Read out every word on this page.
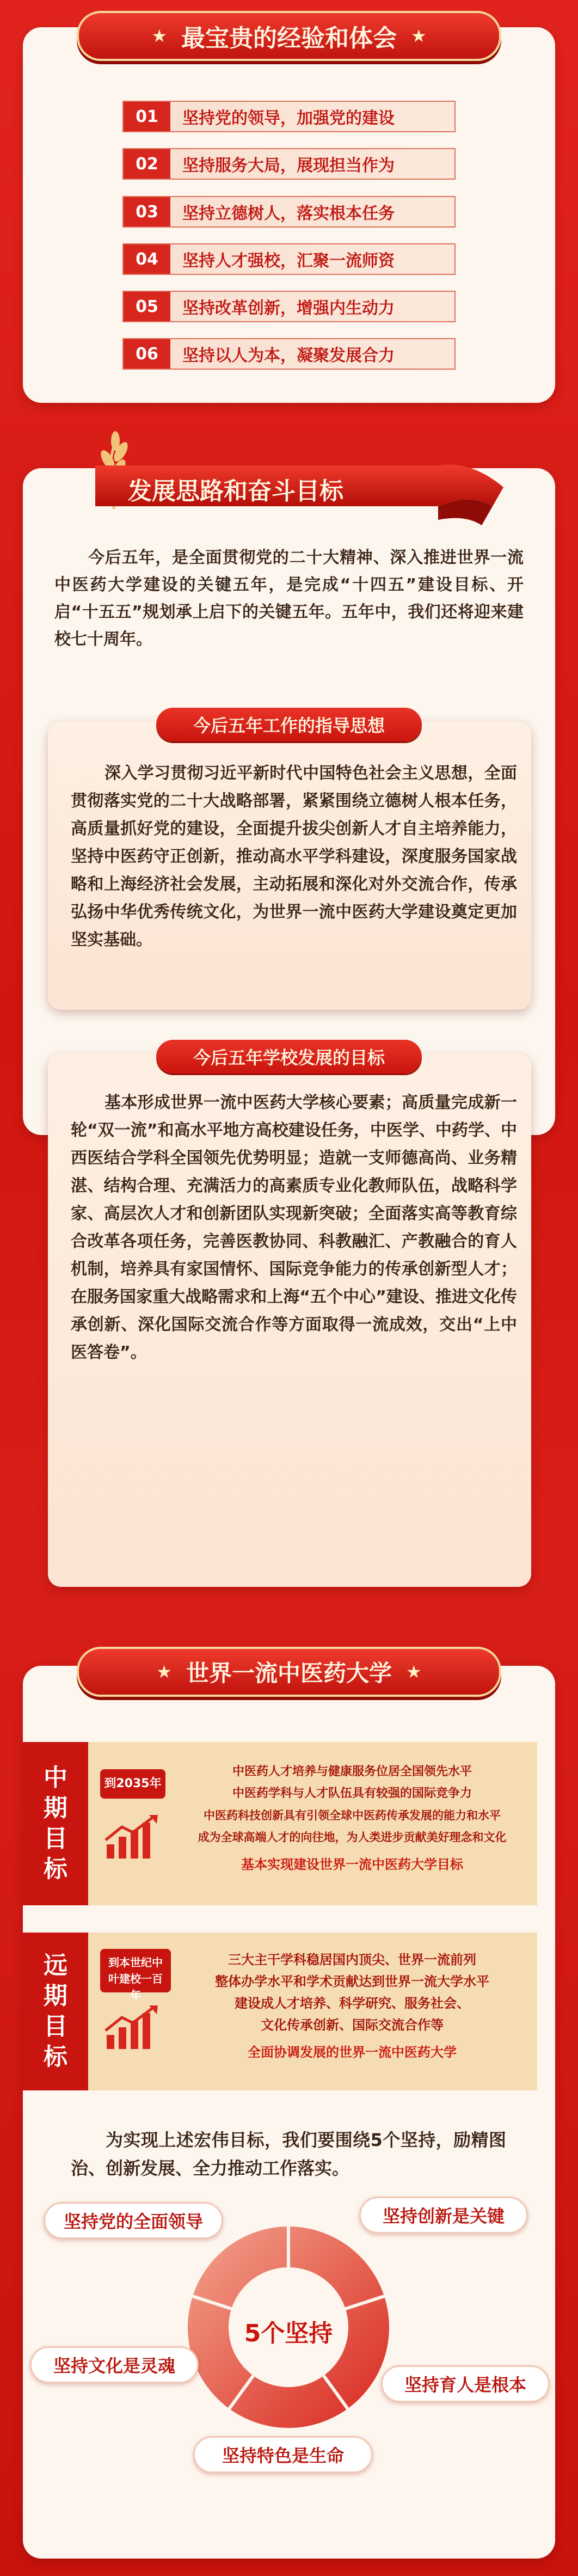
★ 最宝贵的经验和体会 ★
01	坚持党的领导，加强党的建设
02	坚持服务大局，展现担当作为
03	坚持立德树人，落实根本任务
04	坚持人才强校，汇聚一流师资
05	坚持改革创新，增强内生动力
06	坚持以人为本，凝聚发展合力
发展思路和奋斗目标

今后五年，是全面贯彻党的二十大精神、深入推进世界一流中医药大学建设的关键五年，是完成“十四五”建设目标、开启“十五五”规划承上启下的关键五年。五年中，我们还将迎来建校七十周年。

今后五年工作的指导思想

深入学习贯彻习近平新时代中国特色社会主义思想，全面贯彻落实党的二十大战略部署，紧紧围绕立德树人根本任务，高质量抓好党的建设，全面提升拔尖创新人才自主培养能力，坚持中医药守正创新，推动高水平学科建设，深度服务国家战略和上海经济社会发展，主动拓展和深化对外交流合作，传承弘扬中华优秀传统文化，为世界一流中医药大学建设奠定更加坚实基础。

今后五年学校发展的目标

基本形成世界一流中医药大学核心要素；高质量完成新一轮“双一流”和高水平地方高校建设任务，中医学、中药学、中西医结合学科全国领先优势明显；造就一支师德高尚、业务精湛、结构合理、充满活力的高素质专业化教师队伍，战略科学家、高层次人才和创新团队实现新突破；全面落实高等教育综合改革各项任务，完善医教协同、科教融汇、产教融合的育人机制，培养具有家国情怀、国际竞争能力的传承创新型人才；在服务国家重大战略需求和上海“五个中心”建设、推进文化传承创新、深化国际交流合作等方面取得一流成效，交出“上中医答卷”。

★ 世界一流中医药大学 ★
中
期
目
标
到2035年
中医药人才培养与健康服务位居全国领先水平
中医药学科与人才队伍具有较强的国际竞争力
中医药科技创新具有引领全球中医药传承发展的能力和水平
成为全球高端人才的向往地，为人类进步贡献美好理念和文化
基本实现建设世界一流中医药大学目标
远
期
目
标
到本世纪中叶建校一百年
三大主干学科稳居国内顶尖、世界一流前列
整体办学水平和学术贡献达到世界一流大学水平
建设成人才培养、科学研究、服务社会、
文化传承创新、国际交流合作等
全面协调发展的世界一流中医药大学

为实现上述宏伟目标，我们要围绕5个坚持，励精图治、创新发展、全力推动工作落实。

5个坚持
坚持党的全面领导	坚持创新是关键
坚持育人是根本
坚持特色是生命
坚持文化是灵魂
